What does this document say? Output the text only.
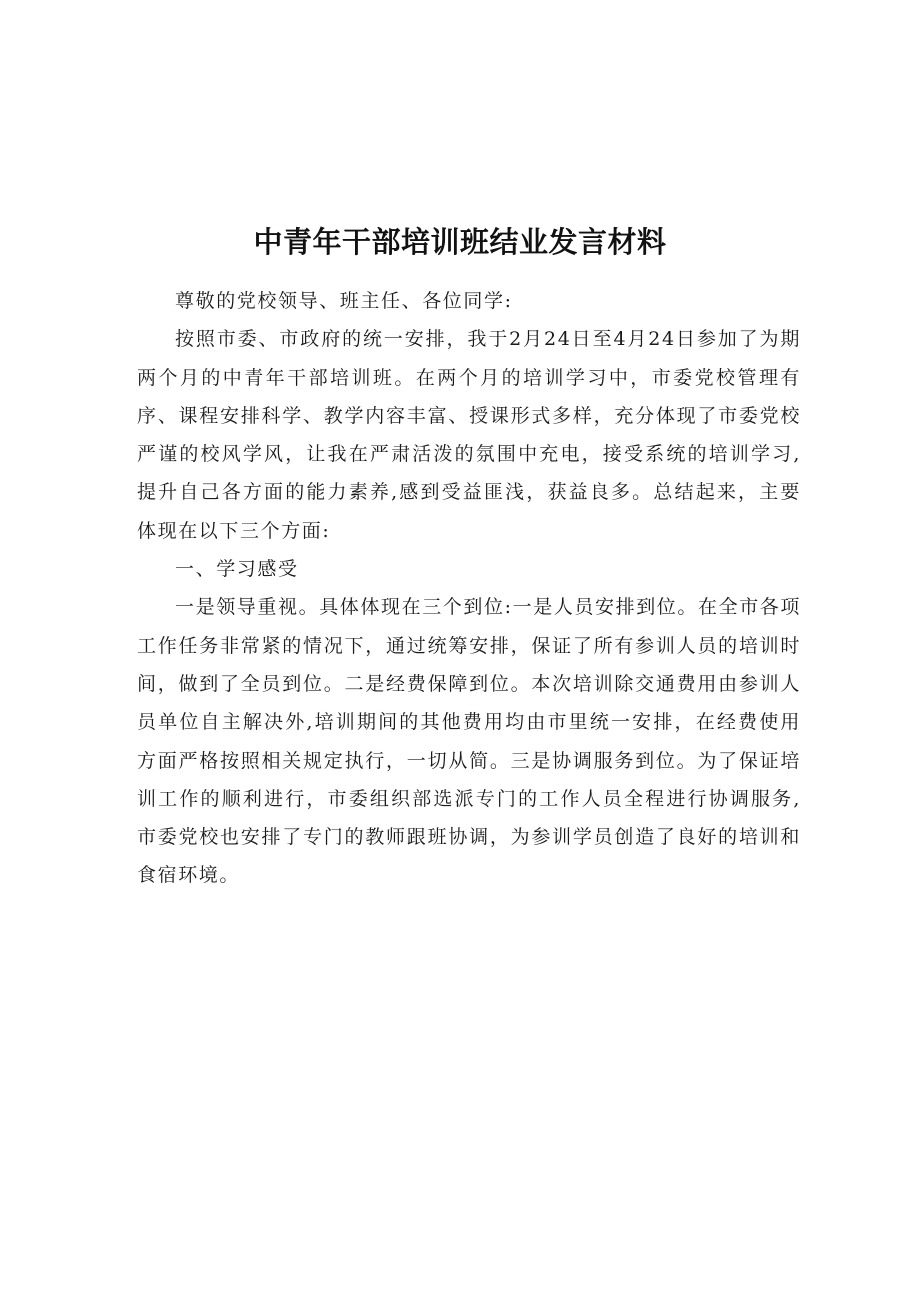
中青年干部培训班结业发言材料

尊敬的党校领导、班主任、各位同学:

按照市委、市政府的统一安排，我于2月24日至4月24日参加了为期两个月的中青年干部培训班。在两个月的培训学习中，市委党校管理有序、课程安排科学、教学内容丰富、授课形式多样，充分体现了市委党校严谨的校风学风，让我在严肃活泼的氛围中充电，接受系统的培训学习,提升自己各方面的能力素养,感到受益匪浅，获益良多。总结起来，主要体现在以下三个方面:

一、学习感受

一是领导重视。具体体现在三个到位:一是人员安排到位。在全市各项工作任务非常紧的情况下，通过统筹安排，保证了所有参训人员的培训时间，做到了全员到位。二是经费保障到位。本次培训除交通费用由参训人员单位自主解决外,培训期间的其他费用均由市里统一安排，在经费使用方面严格按照相关规定执行，一切从简。三是协调服务到位。为了保证培训工作的顺利进行，市委组织部选派专门的工作人员全程进行协调服务,市委党校也安排了专门的教师跟班协调，为参训学员创造了良好的培训和食宿环境。
